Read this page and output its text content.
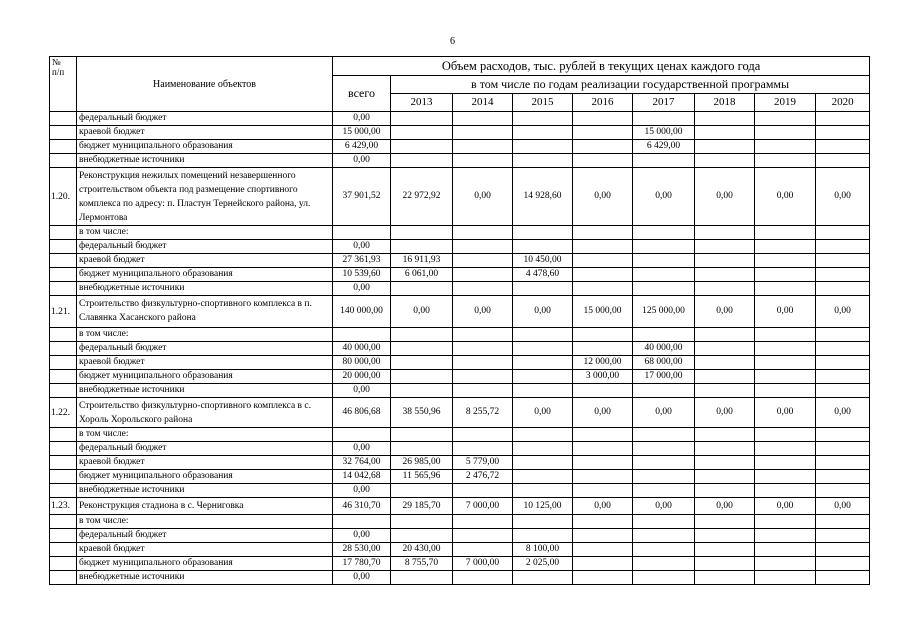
6
№
п/п	Наименование объектов	Объем расходов, тыс. рублей в текущих ценах каждого года								
		всего	в том числе по годам реализации государственной программы							
			2013	2014	2015	2016	2017	2018	2019	2020
	федеральный бюджет	0,00								
	краевой бюджет	15 000,00					15 000,00			
	бюджет муниципального образования	6 429,00					6 429,00			
	внебюджетные источники	0,00								
1.20.	Реконструкция нежилых помещений незавершенного строительством объекта под размещение спортивного комплекса по адресу: п. Пластун Тернейского района, ул. Лермонтова	37 901,52	22 972,92	0,00	14 928,60	0,00	0,00	0,00	0,00	0,00
	в том числе:									
	федеральный бюджет	0,00								
	краевой бюджет	27 361,93	16 911,93		10 450,00					
	бюджет муниципального образования	10 539,60	6 061,00		4 478,60					
	внебюджетные источники	0,00								
1.21.	Строительство физкультурно-спортивного комплекса в п. Славянка Хасанского района	140 000,00	0,00	0,00	0,00	15 000,00	125 000,00	0,00	0,00	0,00
	в том числе:									
	федеральный бюджет	40 000,00					40 000,00			
	краевой бюджет	80 000,00				12 000,00	68 000,00			
	бюджет муниципального образования	20 000,00				3 000,00	17 000,00			
	внебюджетные источники	0,00								
1.22.	Строительство физкультурно-спортивного комплекса в с. Хороль Хорольского района	46 806,68	38 550,96	8 255,72	0,00	0,00	0,00	0,00	0,00	0,00
	в том числе:									
	федеральный бюджет	0,00								
	краевой бюджет	32 764,00	26 985,00	5 779,00						
	бюджет муниципального образования	14 042,68	11 565,96	2 476,72						
	внебюджетные источники	0,00								
1.23.	Реконструкция стадиона в с. Черниговка	46 310,70	29 185,70	7 000,00	10 125,00	0,00	0,00	0,00	0,00	0,00
	в том числе:									
	федеральный бюджет	0,00								
	краевой бюджет	28 530,00	20 430,00		8 100,00					
	бюджет муниципального образования	17 780,70	8 755,70	7 000,00	2 025,00					
	внебюджетные источники	0,00								
